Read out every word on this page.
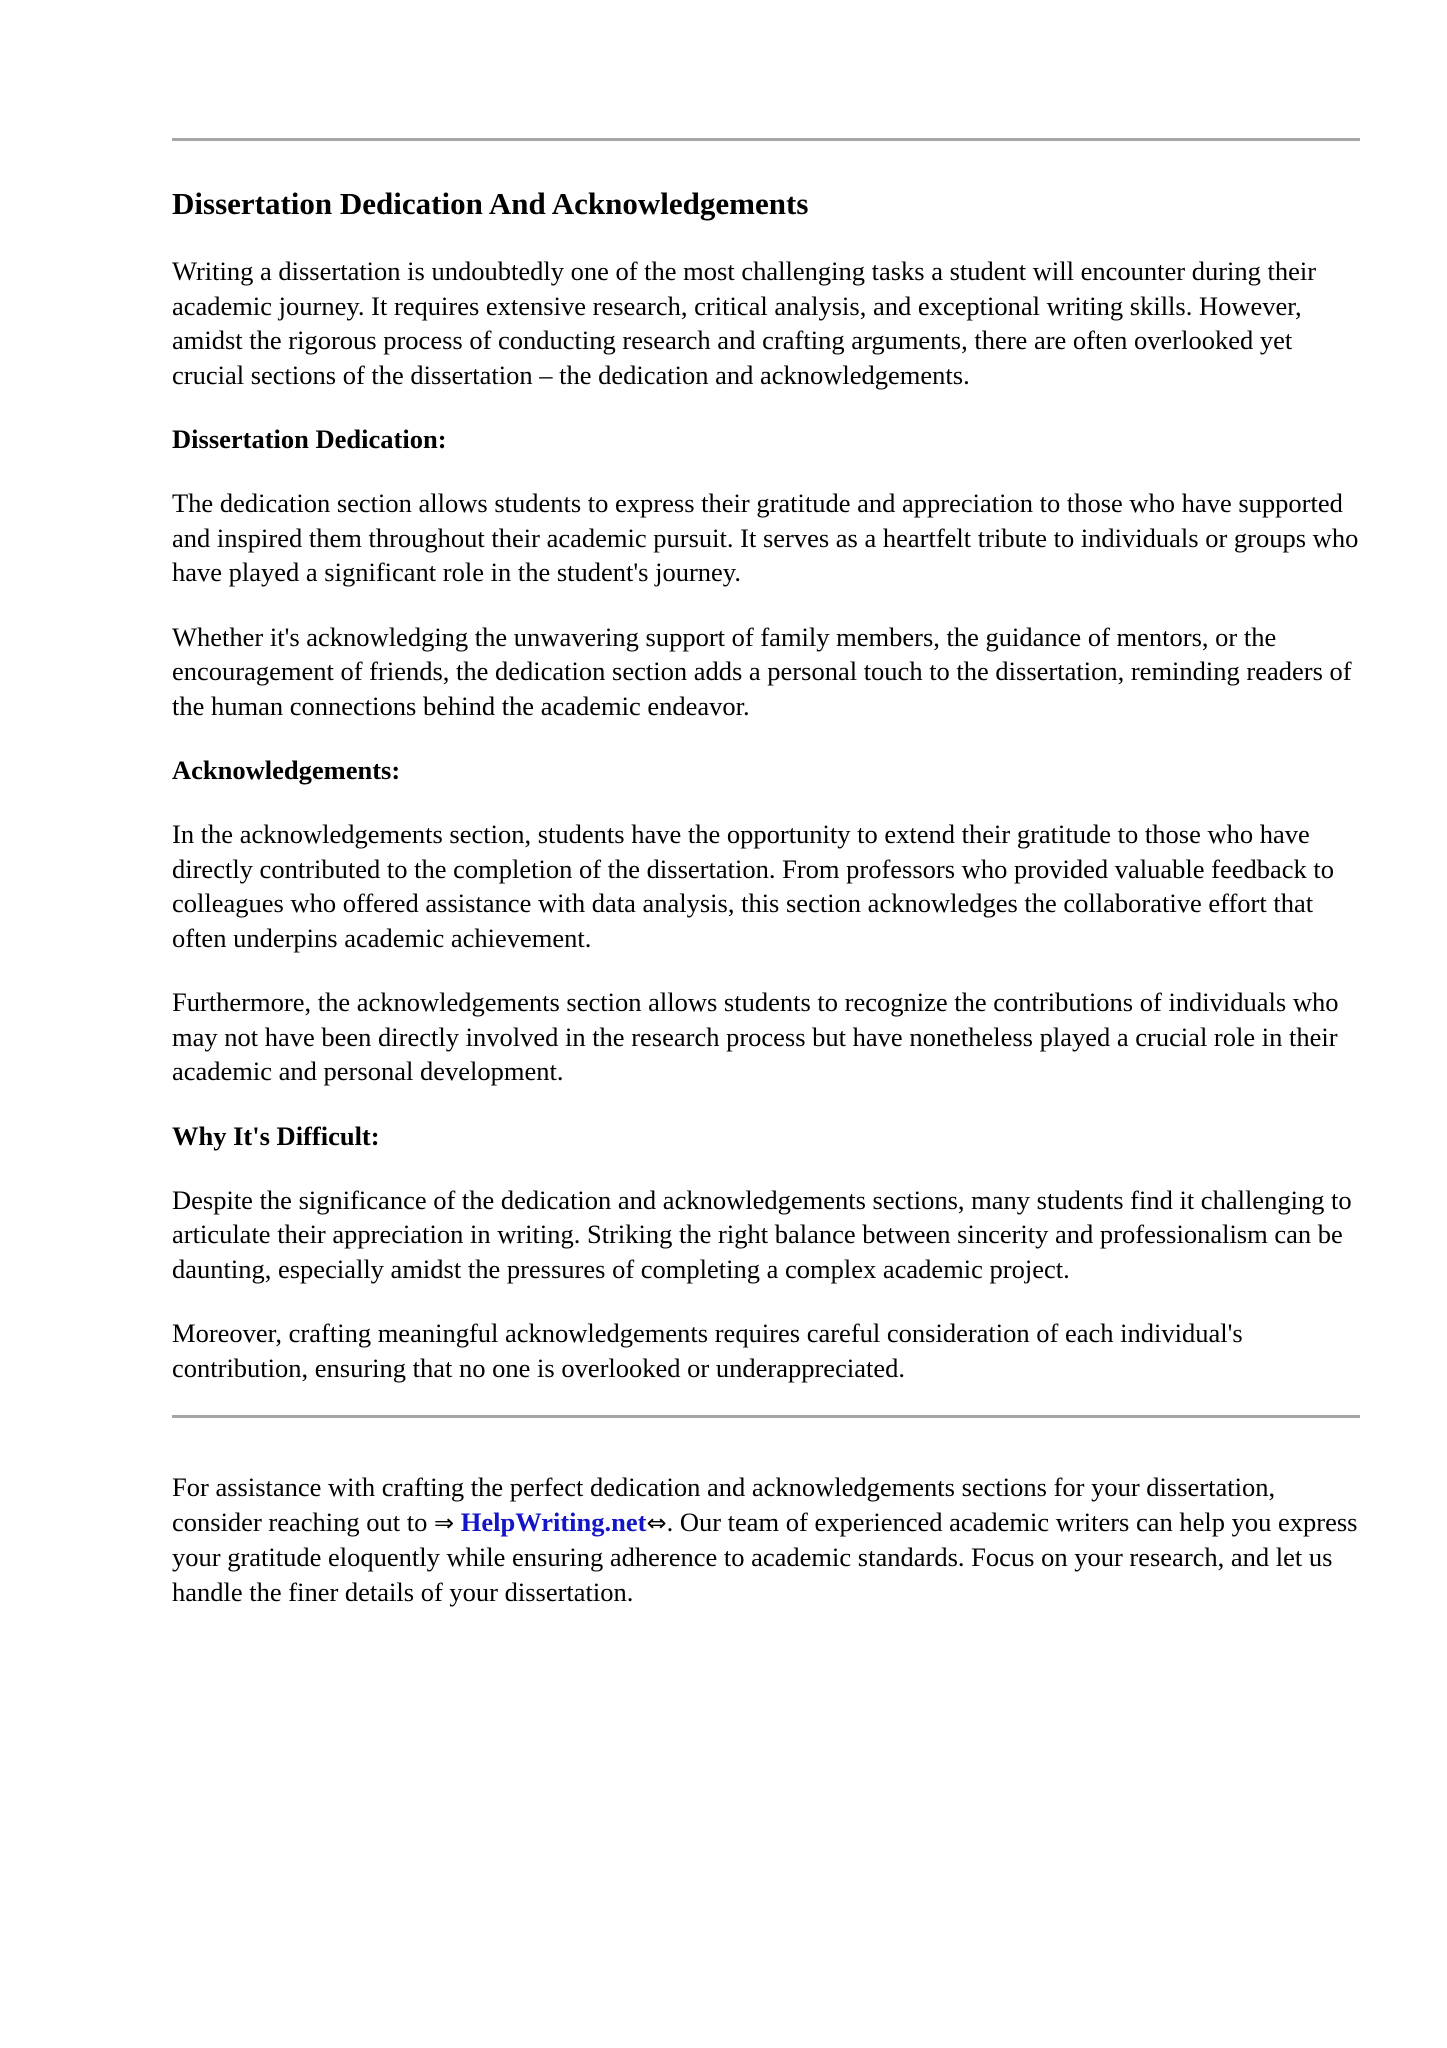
Dissertation Dedication And Acknowledgements

Writing a dissertation is undoubtedly one of the most challenging tasks a student will encounter during their academic journey. It requires extensive research, critical analysis, and exceptional writing skills. However, amidst the rigorous process of conducting research and crafting arguments, there are often overlooked yet crucial sections of the dissertation – the dedication and acknowledgements.

Dissertation Dedication:

The dedication section allows students to express their gratitude and appreciation to those who have supported and inspired them throughout their academic pursuit. It serves as a heartfelt tribute to individuals or groups who have played a significant role in the student's journey.

Whether it's acknowledging the unwavering support of family members, the guidance of mentors, or the encouragement of friends, the dedication section adds a personal touch to the dissertation, reminding readers of the human connections behind the academic endeavor.

Acknowledgements:

In the acknowledgements section, students have the opportunity to extend their gratitude to those who have directly contributed to the completion of the dissertation. From professors who provided valuable feedback to colleagues who offered assistance with data analysis, this section acknowledges the collaborative effort that often underpins academic achievement.

Furthermore, the acknowledgements section allows students to recognize the contributions of individuals who may not have been directly involved in the research process but have nonetheless played a crucial role in their academic and personal development.

Why It's Difficult:

Despite the significance of the dedication and acknowledgements sections, many students find it challenging to articulate their appreciation in writing. Striking the right balance between sincerity and professionalism can be daunting, especially amidst the pressures of completing a complex academic project.

Moreover, crafting meaningful acknowledgements requires careful consideration of each individual's contribution, ensuring that no one is overlooked or underappreciated.

For assistance with crafting the perfect dedication and acknowledgements sections for your dissertation, consider reaching out to ⇒ HelpWriting.net⇔. Our team of experienced academic writers can help you express your gratitude eloquently while ensuring adherence to academic standards. Focus on your research, and let us handle the finer details of your dissertation.
